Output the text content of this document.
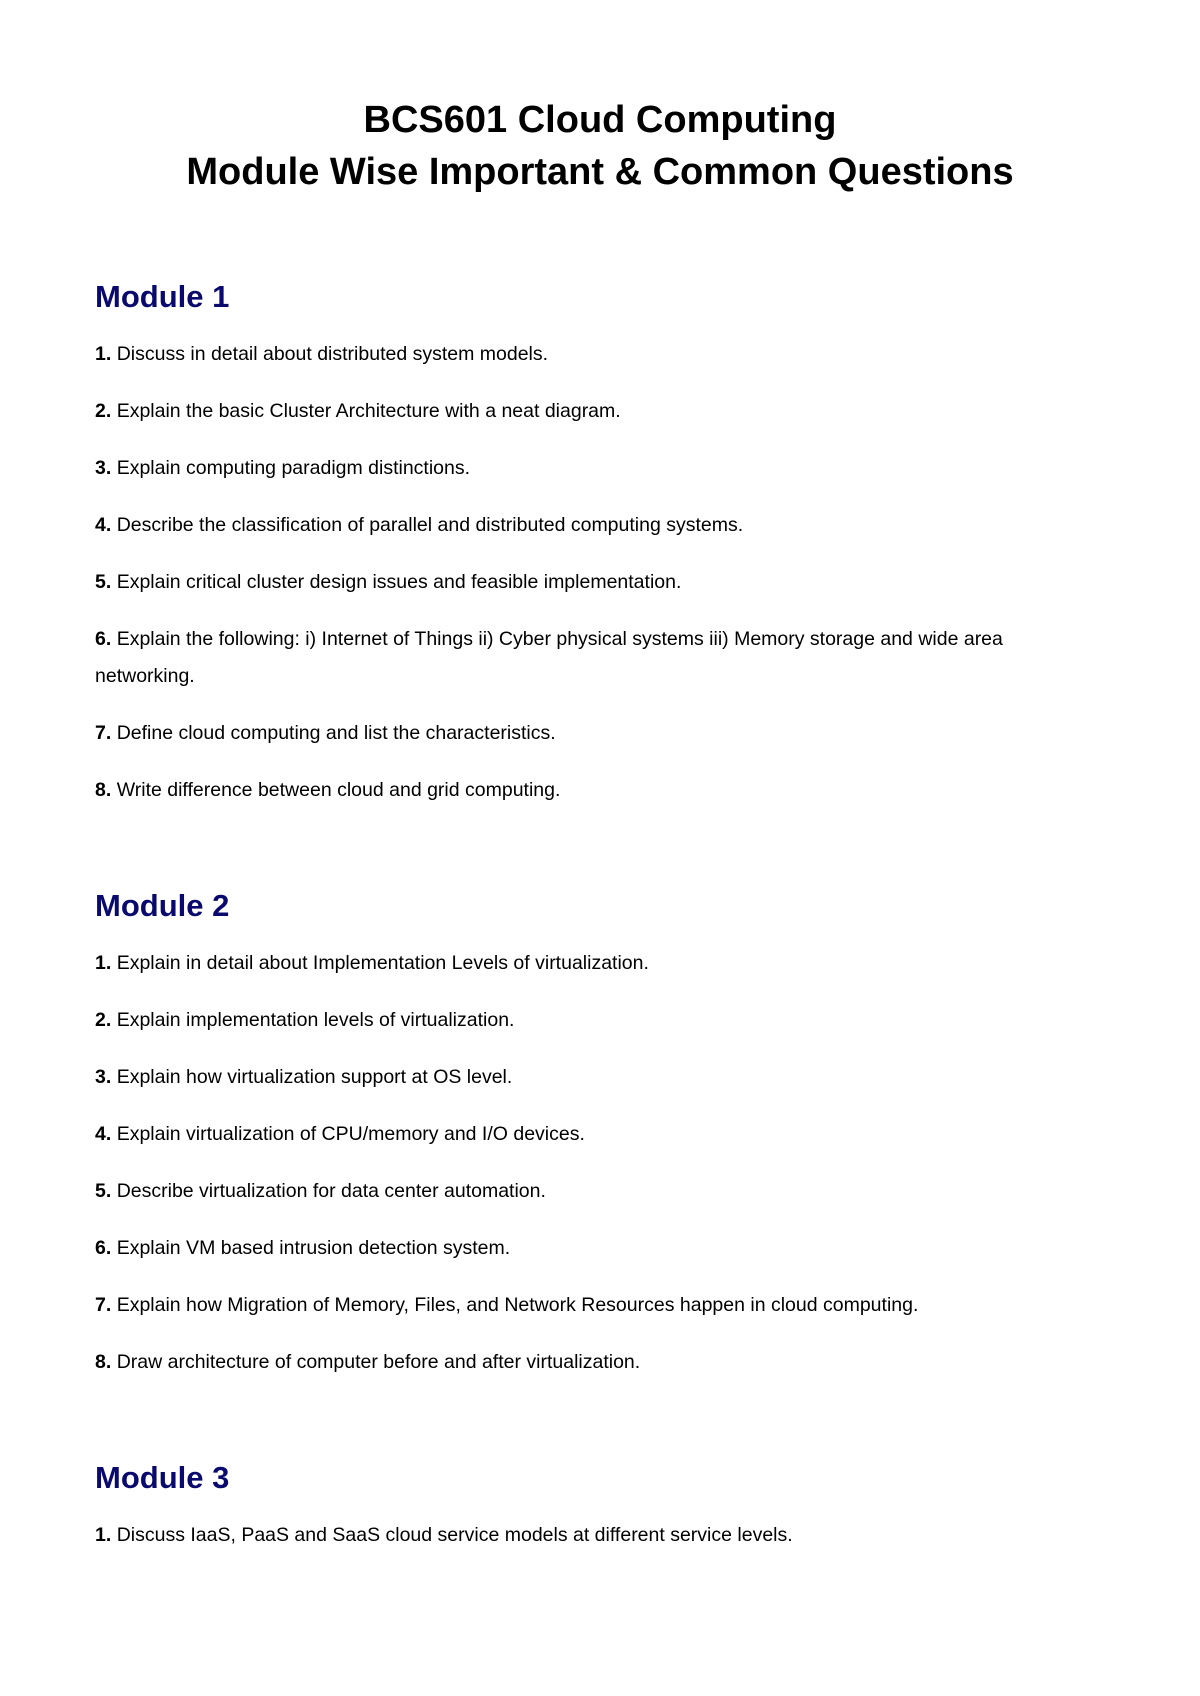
BCS601 Cloud Computing
Module Wise Important & Common Questions
Module 1
1. Discuss in detail about distributed system models.
2. Explain the basic Cluster Architecture with a neat diagram.
3. Explain computing paradigm distinctions.
4. Describe the classification of parallel and distributed computing systems.
5. Explain critical cluster design issues and feasible implementation.
6. Explain the following: i) Internet of Things ii) Cyber physical systems iii) Memory storage and wide area networking.
7. Define cloud computing and list the characteristics.
8. Write difference between cloud and grid computing.
Module 2
1. Explain in detail about Implementation Levels of virtualization.
2. Explain implementation levels of virtualization.
3. Explain how virtualization support at OS level.
4. Explain virtualization of CPU/memory and I/O devices.
5. Describe virtualization for data center automation.
6. Explain VM based intrusion detection system.
7. Explain how Migration of Memory, Files, and Network Resources happen in cloud computing.
8. Draw architecture of computer before and after virtualization.
Module 3
1. Discuss IaaS, PaaS and SaaS cloud service models at different service levels.
